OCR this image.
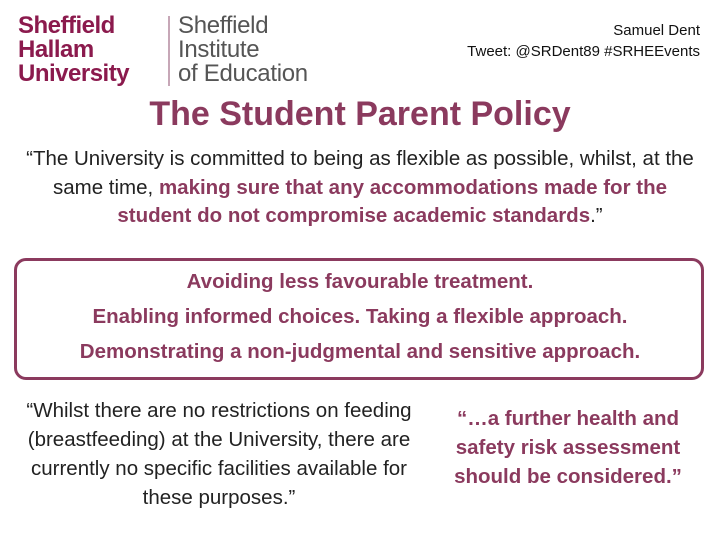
Sheffield
Hallam
University
Sheffield
Institute
of Education
Samuel Dent
Tweet: @SRDent89 #SRHEEvents
The Student Parent Policy
“The University is committed to being as flexible as possible, whilst, at the same time, making sure that any accommodations made for the student do not compromise academic standards.”
Avoiding less favourable treatment.
Enabling informed choices. Taking a flexible approach.
Demonstrating a non-judgmental and sensitive approach.
“Whilst there are no restrictions on feeding (breastfeeding) at the University, there are currently no specific facilities available for these purposes.”
“…a further health and safety risk assessment should be considered.”
